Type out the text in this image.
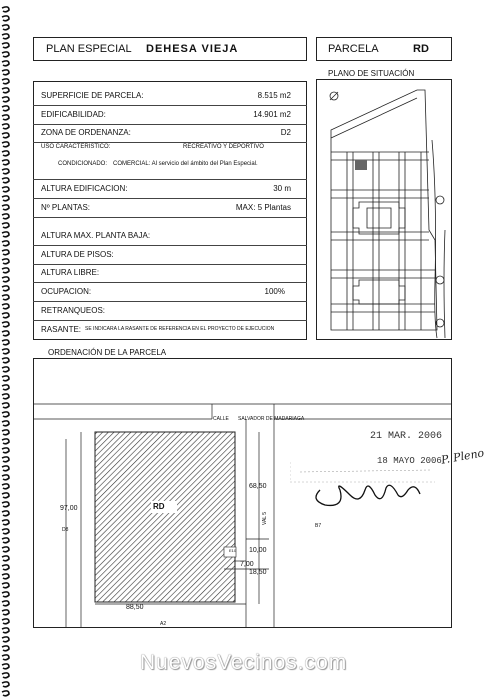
PLAN ESPECIAL DEHESA VIEJA	PARCELA	RD
SUPERFICIE DE PARCELA:	8.515 m2
EDIFICABILIDAD:	14.901 m2
ZONA DE ORDENANZA:	D2
USO CARACTERISTICO:	RECREATIVO Y DEPORTIVO
CONDICIONADO: COMERCIAL: Al servicio del ámbito del Plan Especial.
ALTURA EDIFICACION:	30 m
Nº PLANTAS:	MAX: 5 Plantas
ALTURA MAX. PLANTA BAJA:
ALTURA DE PISOS:
ALTURA LIBRE:
OCUPACION:	100%
RETRANQUEOS:
RASANTE: SE INDICARA LA RASANTE DE REFERENCIA EN EL PROYECTO DE EJECUCION
PLANO DE SITUACIÓN
ORDENACIÓN DE LA PARCELA
CALLE SALVADOR DE MADARIAGA
RD
97,00
D8
68,50
VAL 5
10,00
18,50
7,00
E10
88,50
A2
B7
21 MAR. 2006
18 MAYO 2006
P. Pleno
NuevosVecinos.com
